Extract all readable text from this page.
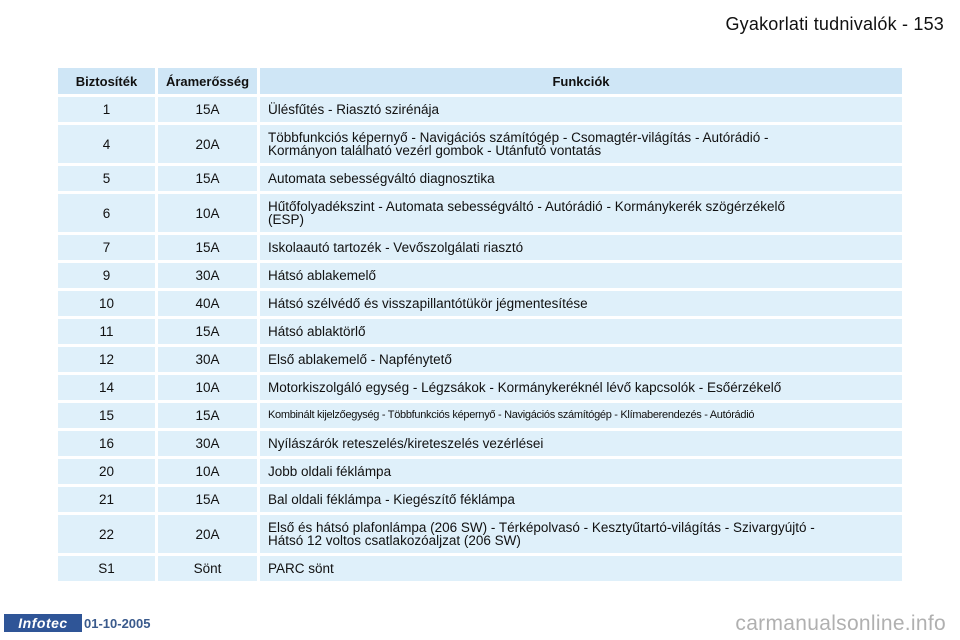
Gyakorlati tudnivalók - 153
Biztosíték	Áramerősség	Funkciók
1	15A	Ülésfűtés - Riasztó szirénája
4	20A	Többfunkciós képernyő - Navigációs számítógép - Csomagtér-világítás - Autórádió -
Kormányon található vezérl gombok - Utánfutó vontatás
5	15A	Automata sebességváltó diagnosztika
6	10A	Hűtőfolyadékszint - Automata sebességváltó - Autórádió - Kormánykerék szögérzékelő
(ESP)
7	15A	Iskolaautó tartozék - Vevőszolgálati riasztó
9	30A	Hátsó ablakemelő
10	40A	Hátsó szélvédő és visszapillantótükör jégmentesítése
11	15A	Hátsó ablaktörlő
12	30A	Első ablakemelő - Napfénytető
14	10A	Motorkiszolgáló egység - Légzsákok - Kormánykeréknél lévő kapcsolók - Esőérzékelő
15	15A	Kombinált kijelzőegység - Többfunkciós képernyő - Navigációs számítógép - Klímaberendezés - Autórádió
16	30A	Nyílászárók reteszelés/kireteszelés vezérlései
20	10A	Jobb oldali féklámpa
21	15A	Bal oldali féklámpa - Kiegészítő féklámpa
22	20A	Első és hátsó plafonlámpa (206 SW) - Térképolvasó - Kesztyűtartó-világítás - Szivargyújtó -
Hátsó 12 voltos csatlakozóaljzat (206 SW)
S1	Sönt	PARC sönt
Infotec	01-10-2005	carmanualsonline.info
